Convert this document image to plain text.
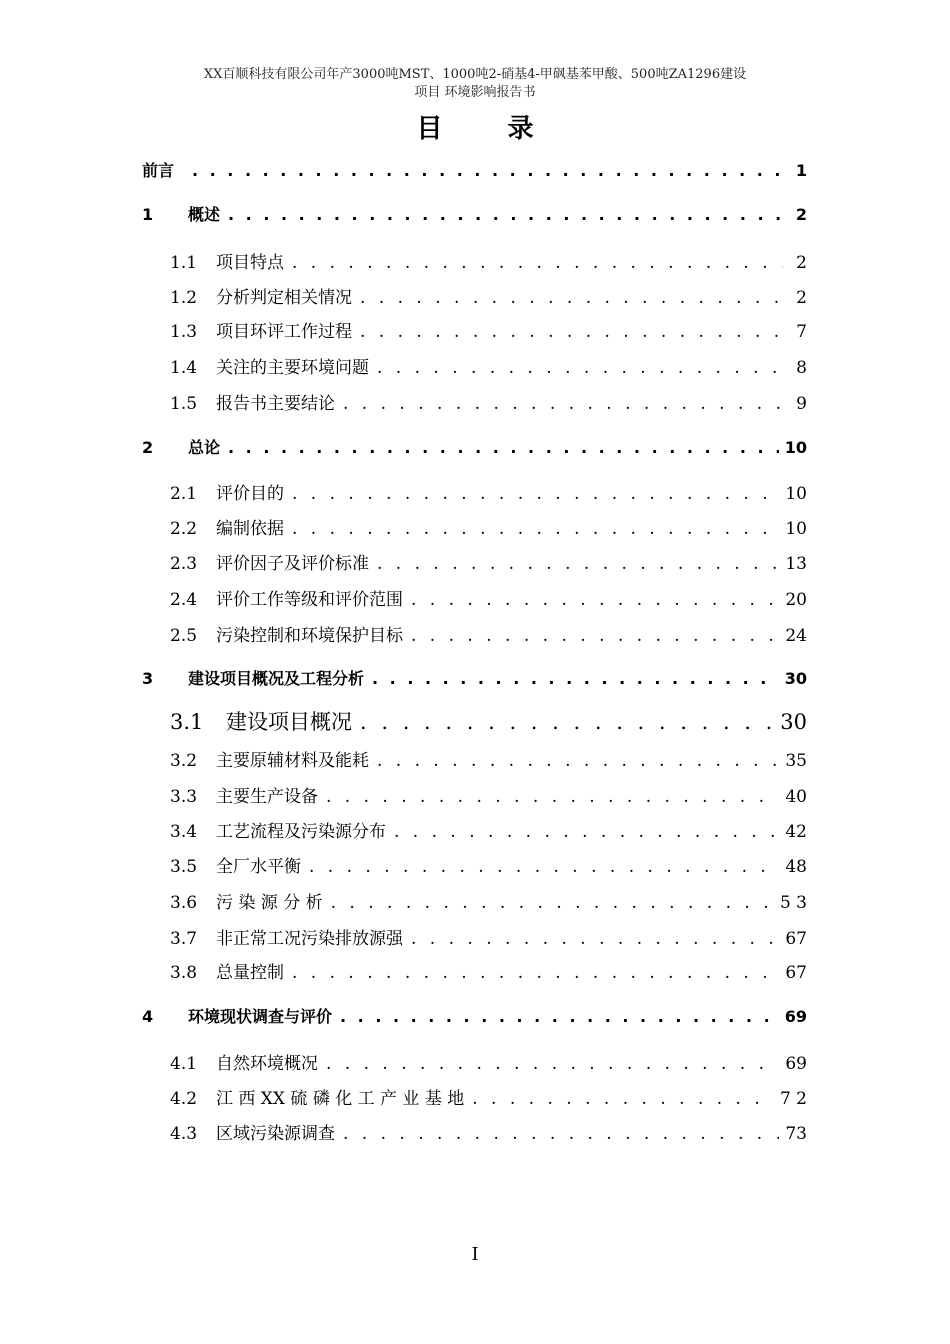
XX百顺科技有限公司年产3000吨MST、1000吨2-硝基4-甲砜基苯甲酸、500吨ZA1296建设
项目 环境影响报告书
目 录
前言 . . .	1
1	概述 . . .	2
1.1	项目特点 . . .	2
1.2	分析判定相关情况 . . .	2
1.3	项目环评工作过程 . . .	7
1.4	关注的主要环境问题 . . .	8
1.5	报告书主要结论 . . .	9
2	总论 . . .	10
2.1	评价目的 . . .	10
2.2	编制依据 . . .	10
2.3	评价因子及评价标准 . . .	13
2.4	评价工作等级和评价范围 . . .	20
2.5	污染控制和环境保护目标 . . .	24
3	建设项目概况及工程分析 . . .	30
3.1	建设项目概况 . . .	30
3.2	主要原辅材料及能耗 . . .	35
3.3	主要生产设备 . . .	40
3.4	工艺流程及污染源分布 . . .	42
3.5	全厂水平衡 . . .	48
3.6	污 染 源 分 析 . . .	5 3
3.7	非正常工况污染排放源强 . . .	67
3.8	总量控制 . . .	67
4	环境现状调查与评价 . . .	69
4.1	自然环境概况 . . .	69
4.2	江 西 XX 硫 磷 化 工 产 业 基 地 . . .	7 2
4.3	区域污染源调查 . . .	73
I
